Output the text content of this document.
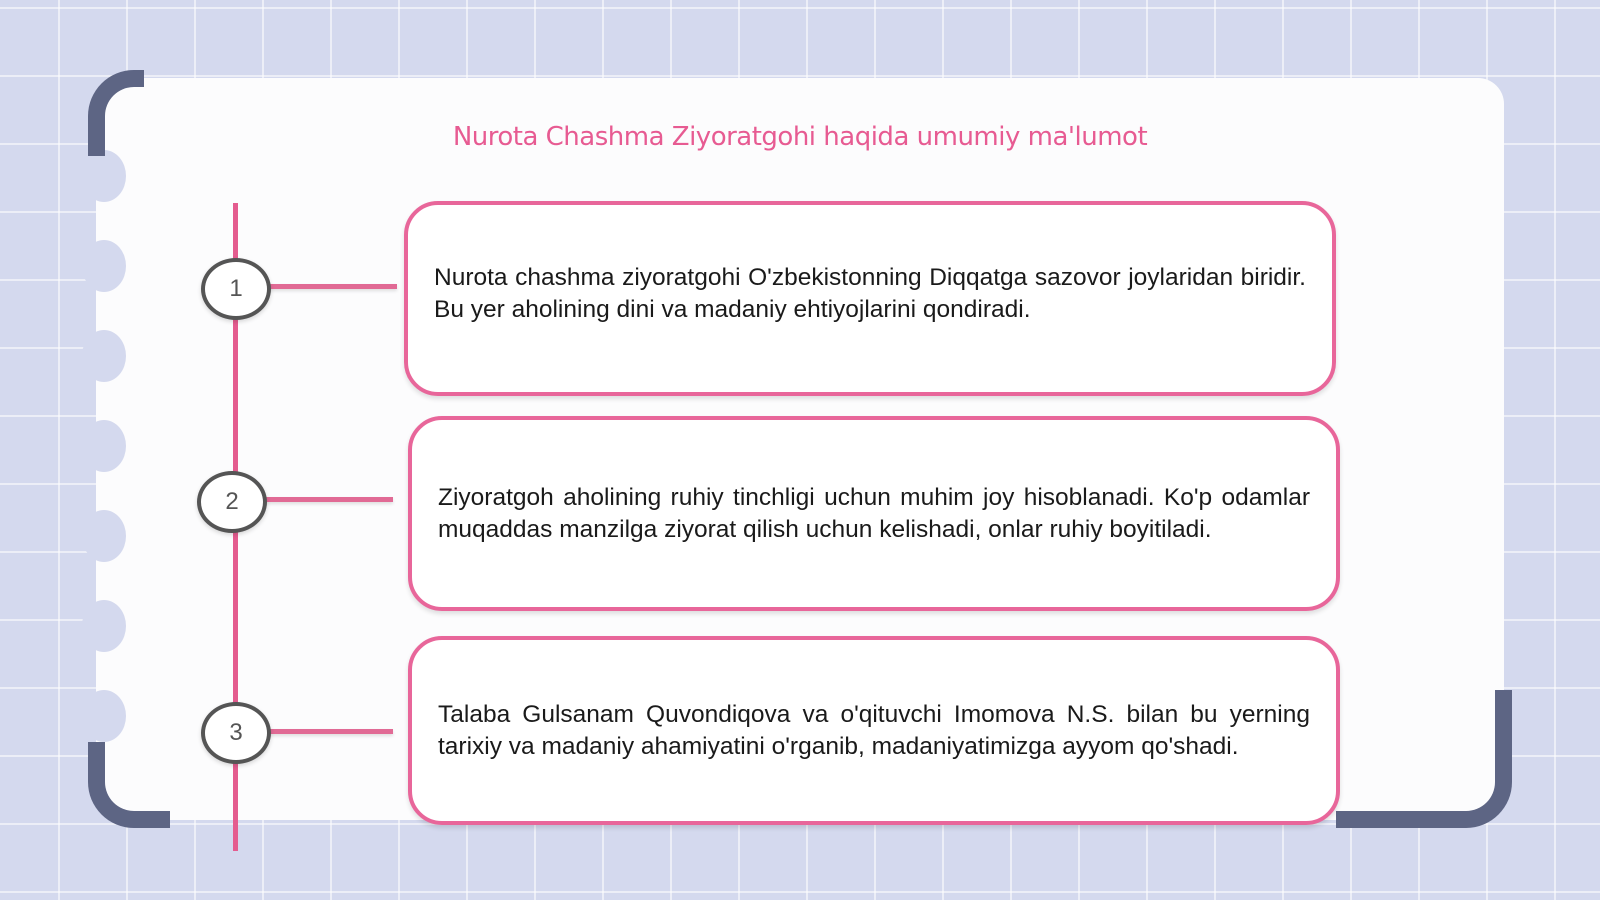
Nurota Chashma Ziyoratgohi haqida umumiy ma'lumot
1
2
3

Nurota chashma ziyoratgohi O'zbekistonning Diqqatga sazovor joylaridan biridir. Bu yer aholining dini va madaniy ehtiyojlarini qondiradi.

Ziyoratgoh aholining ruhiy tinchligi uchun muhim joy hisoblanadi. Ko'p odamlar muqaddas manzilga ziyorat qilish uchun kelishadi, onlar ruhiy boyitiladi.

Talaba Gulsanam Quvondiqova va o'qituvchi Imomova N.S. bilan bu yerning tarixiy va madaniy ahamiyatini o'rganib, madaniyatimizga ayyom qo'shadi.
